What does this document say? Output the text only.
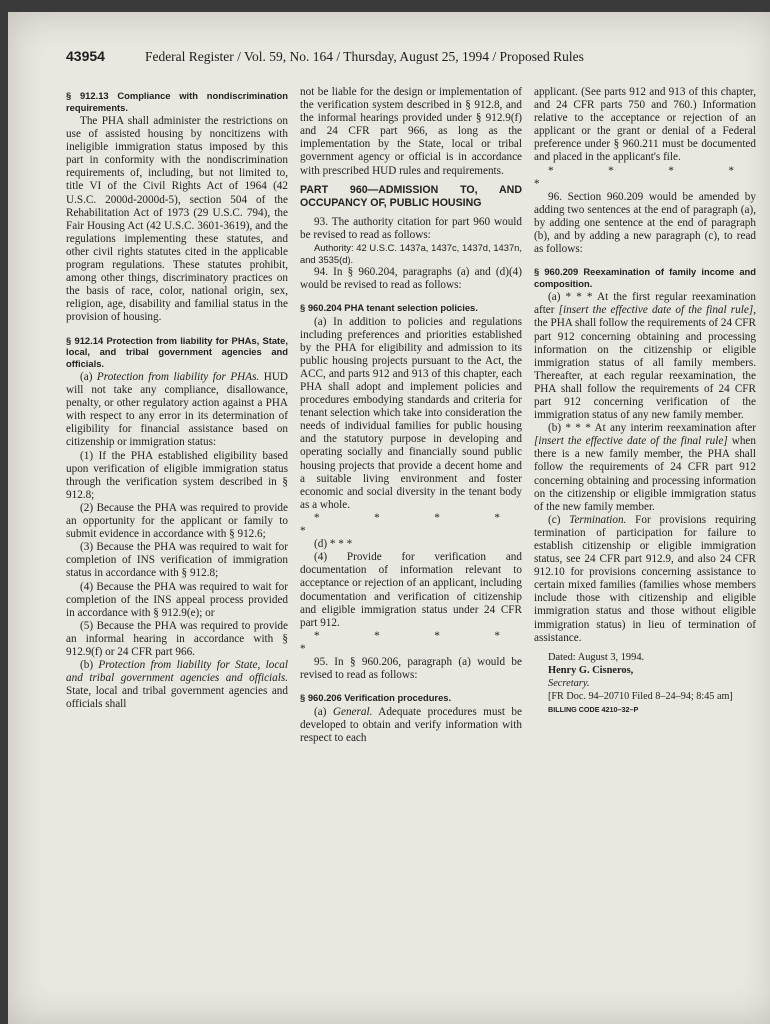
43954	Federal Register / Vol. 59, No. 164 / Thursday, August 25, 1994 / Proposed Rules
§ 912.13 Compliance with nondiscrimination requirements.

The PHA shall administer the restrictions on use of assisted housing by noncitizens with ineligible immigration status imposed by this part in conformity with the nondiscrimination requirements of, including, but not limited to, title VI of the Civil Rights Act of 1964 (42 U.S.C. 2000d-2000d-5), section 504 of the Rehabilitation Act of 1973 (29 U.S.C. 794), the Fair Housing Act (42 U.S.C. 3601-3619), and the regulations implementing these statutes, and other civil rights statutes cited in the applicable program regulations. These statutes prohibit, among other things, discriminatory practices on the basis of race, color, national origin, sex, religion, age, disability and familial status in the provision of housing.

§ 912.14 Protection from liability for PHAs, State, local, and tribal government agencies and officials.

(a) Protection from liability for PHAs. HUD will not take any compliance, disallowance, penalty, or other regulatory action against a PHA with respect to any error in its determination of eligibility for financial assistance based on citizenship or immigration status:

(1) If the PHA established eligibility based upon verification of eligible immigration status through the verification system described in § 912.8;

(2) Because the PHA was required to provide an opportunity for the applicant or family to submit evidence in accordance with § 912.6;

(3) Because the PHA was required to wait for completion of INS verification of immigration status in accordance with § 912.8;

(4) Because the PHA was required to wait for completion of the INS appeal process provided in accordance with § 912.9(e); or

(5) Because the PHA was required to provide an informal hearing in accordance with § 912.9(f) or 24 CFR part 966.

(b) Protection from liability for State, local and tribal government agencies and officials. State, local and tribal government agencies and officials shall

not be liable for the design or implementation of the verification system described in § 912.8, and the informal hearings provided under § 912.9(f) and 24 CFR part 966, as long as the implementation by the State, local or tribal government agency or official is in accordance with prescribed HUD rules and requirements.

PART 960—ADMISSION TO, AND OCCUPANCY OF, PUBLIC HOUSING

93. The authority citation for part 960 would be revised to read as follows:

Authority: 42 U.S.C. 1437a, 1437c, 1437d, 1437n, and 3535(d).

94. In § 960.204, paragraphs (a) and (d)(4) would be revised to read as follows:

§ 960.204 PHA tenant selection policies.

(a) In addition to policies and regulations including preferences and priorities established by the PHA for eligibility and admission to its public housing projects pursuant to the Act, the ACC, and parts 912 and 913 of this chapter, each PHA shall adopt and implement policies and procedures embodying standards and criteria for tenant selection which take into consideration the needs of individual families for public housing and the statutory purpose in developing and operating socially and financially sound public housing projects that provide a decent home and a suitable living environment and foster economic and social diversity in the tenant body as a whole.

* * * * *

(d) * * *

(4) Provide for verification and documentation of information relevant to acceptance or rejection of an applicant, including documentation and verification of citizenship and eligible immigration status under 24 CFR part 912.

* * * * *

95. In § 960.206, paragraph (a) would be revised to read as follows:

§ 960.206 Verification procedures.

(a) General. Adequate procedures must be developed to obtain and verify information with respect to each

applicant. (See parts 912 and 913 of this chapter, and 24 CFR parts 750 and 760.) Information relative to the acceptance or rejection of an applicant or the grant or denial of a Federal preference under § 960.211 must be documented and placed in the applicant's file.

* * * * *

96. Section 960.209 would be amended by adding two sentences at the end of paragraph (a), by adding one sentence at the end of paragraph (b), and by adding a new paragraph (c), to read as follows:

§ 960.209 Reexamination of family income and composition.

(a) * * * At the first regular reexamination after [insert the effective date of the final rule], the PHA shall follow the requirements of 24 CFR part 912 concerning obtaining and processing information on the citizenship or eligible immigration status of all family members. Thereafter, at each regular reexamination, the PHA shall follow the requirements of 24 CFR part 912 concerning verification of the immigration status of any new family member.

(b) * * * At any interim reexamination after [insert the effective date of the final rule] when there is a new family member, the PHA shall follow the requirements of 24 CFR part 912 concerning obtaining and processing information on the citizenship or eligible immigration status of the new family member.

(c) Termination. For provisions requiring termination of participation for failure to establish citizenship or eligible immigration status, see 24 CFR part 912.9, and also 24 CFR 912.10 for provisions concerning assistance to certain mixed families (families whose members include those with citizenship and eligible immigration status and those without eligible immigration status) in lieu of termination of assistance.

Dated: August 3, 1994.

Henry G. Cisneros,

Secretary.

[FR Doc. 94–20710 Filed 8–24–94; 8:45 am]

BILLING CODE 4210–32–P
